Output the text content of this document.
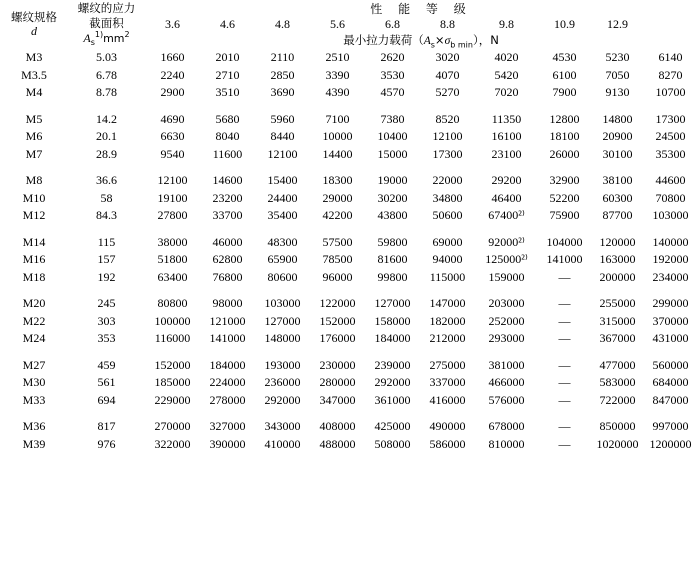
螺纹规格
d

螺纹的应力
截面积
$A_s^{1)}mm^2$
	性 能 等 级
		3.6	4.6	4.8	5.6	6.8	8.8	9.8	10.9	12.9	
		最小拉力载荷$(A_s\times\sigma_{b min})$，N									
M3	5.03	1660	2010	2110	2510	2620	3020	4020	4530	5230	6140
M3.5	6.78	2240	2710	2850	3390	3530	4070	5420	6100	7050	8270
M4	8.78	2900	3510	3690	4390	4570	5270	7020	7900	9130	10700

M5	14.2	4690	5680	5960	7100	7380	8520	11350	12800	14800	17300
M6	20.1	6630	8040	8440	10000	10400	12100	16100	18100	20900	24500
M7	28.9	9540	11600	12100	14400	15000	17300	23100	26000	30100	35300

M8	36.6	12100	14600	15400	18300	19000	22000	29200	32900	38100	44600
M10	58	19100	23200	24400	29000	30200	34800	46400	52200	60300	70800
M12	84.3	27800	33700	35400	42200	43800	50600	67400²⁾	75900	87700	103000

M14	115	38000	46000	48300	57500	59800	69000	92000²⁾	104000	120000	140000
M16	157	51800	62800	65900	78500	81600	94000	125000²⁾	141000	163000	192000
M18	192	63400	76800	80600	96000	99800	115000	159000	—	200000	234000

M20	245	80800	98000	103000	122000	127000	147000	203000	—	255000	299000
M22	303	100000	121000	127000	152000	158000	182000	252000	—	315000	370000
M24	353	116000	141000	148000	176000	184000	212000	293000	—	367000	431000

M27	459	152000	184000	193000	230000	239000	275000	381000	—	477000	560000
M30	561	185000	224000	236000	280000	292000	337000	466000	—	583000	684000
M33	694	229000	278000	292000	347000	361000	416000	576000	—	722000	847000

M36	817	270000	327000	343000	408000	425000	490000	678000	—	850000	997000
M39	976	322000	390000	410000	488000	508000	586000	810000	—	1020000	1200000
